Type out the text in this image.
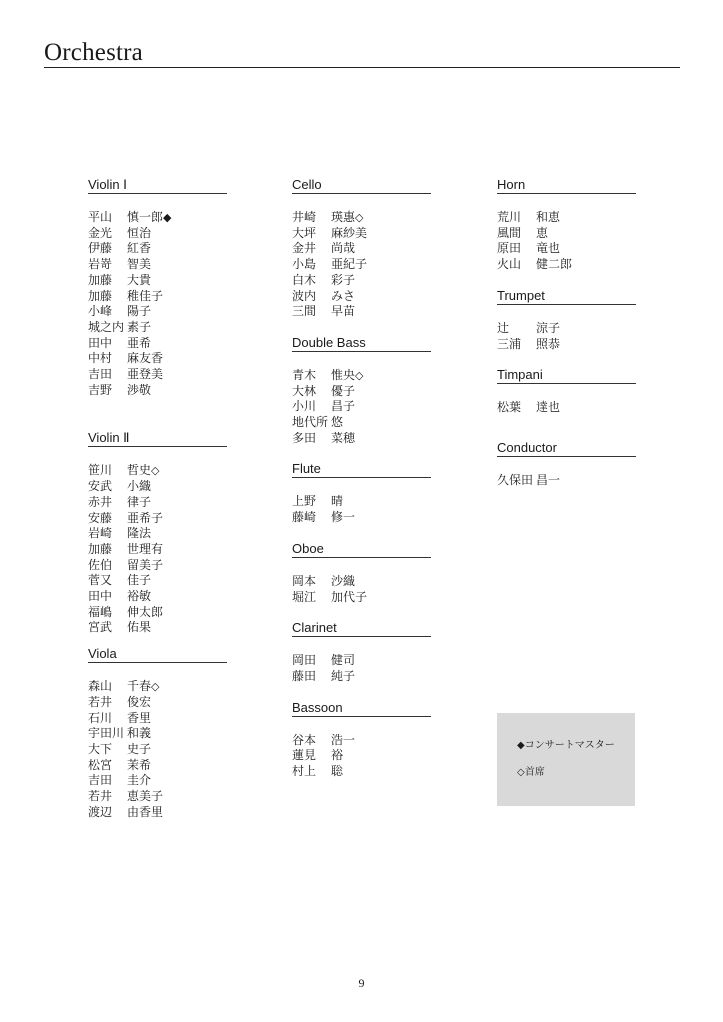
Orchestra
Violin Ⅰ
平山 慎一郎◆
金光 恒治
伊藤 紅香
岩嵜 智美
加藤 大貴
加藤 稚佳子
小峰 陽子
城之内 素子
田中 亜希
中村 麻友香
吉田 亜登美
吉野 渉敬
Violin Ⅱ
笹川 哲史◇
安武 小織
赤井 律子
安藤 亜希子
岩崎 隆法
加藤 世理有
佐伯 留美子
菅又 佳子
田中 裕敏
福嶋 伸太郎
宮武 佑果
Viola
森山 千春◇
若井 俊宏
石川 香里
宇田川 和義
大下 史子
松宮 茉希
吉田 圭介
若井 恵美子
渡辺 由香里
Cello
井崎 瑛惠◇
大坪 麻紗美
金井 尚哉
小島 亜紀子
白木 彩子
波内 みさ
三間 早苗
Double Bass
青木 惟央◇
大林 優子
小川 昌子
地代所 悠
多田 菜穂
Flute
上野 晴
藤崎 修一
Oboe
岡本 沙織
堀江 加代子
Clarinet
岡田 健司
藤田 純子
Bassoon
谷本 浩一
蓮見 裕
村上 聡
Horn
荒川 和恵
風間 恵
原田 竜也
火山 健二郎
Trumpet
辻 涼子
三浦 照恭
Timpani
松葉 達也
Conductor
久保田 昌一
◆コンサートマスター
◇首席
9
